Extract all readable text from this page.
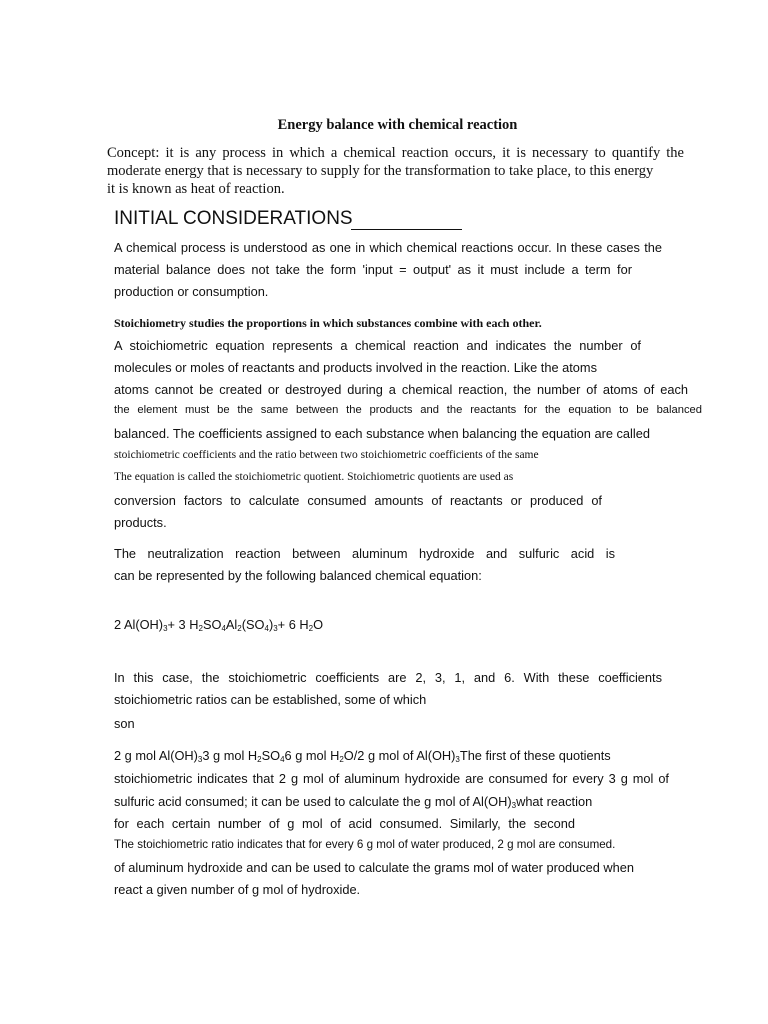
Energy balance with chemical reaction
Concept: it is any process in which a chemical reaction occurs, it is necessary to quantify the
moderate energy that is necessary to supply for the transformation to take place, to this energy
it is known as heat of reaction.
INITIAL CONSIDERATIONS
A chemical process is understood as one in which chemical reactions occur. In these cases the
material balance does not take the form 'input = output' as it must include a term for
production or consumption.
Stoichiometry studies the proportions in which substances combine with each other.
A stoichiometric equation represents a chemical reaction and indicates the number of
molecules or moles of reactants and products involved in the reaction. Like the atoms
atoms cannot be created or destroyed during a chemical reaction, the number of atoms of each
the element must be the same between the products and the reactants for the equation to be balanced
balanced. The coefficients assigned to each substance when balancing the equation are called
stoichiometric coefficients and the ratio between two stoichiometric coefficients of the same
The equation is called the stoichiometric quotient. Stoichiometric quotients are used as
conversion factors to calculate consumed amounts of reactants or produced of
products.
The neutralization reaction between aluminum hydroxide and sulfuric acid is
can be represented by the following balanced chemical equation:
2 $Al(OH)_3+ 3$ $H_2SO_4Al_2(SO_4)_3+ 6$ $H_2O$
In this case, the stoichiometric coefficients are 2, 3, 1, and 6. With these coefficients
stoichiometric ratios can be established, some of which
son
2 g mol $Al(OH)_33$ g mol $H_2SO_46$ g mol $H_2O/2$ g mol of $Al(OH)_3The$ first of these quotients
stoichiometric indicates that 2 g mol of aluminum hydroxide are consumed for every 3 g mol of
sulfuric acid consumed; it can be used to calculate the g mol of $Al(OH)_3what$ reaction
for each certain number of g mol of acid consumed. Similarly, the second
The stoichiometric ratio indicates that for every 6 g mol of water produced, 2 g mol are consumed.
of aluminum hydroxide and can be used to calculate the grams mol of water produced when
react a given number of g mol of hydroxide.
